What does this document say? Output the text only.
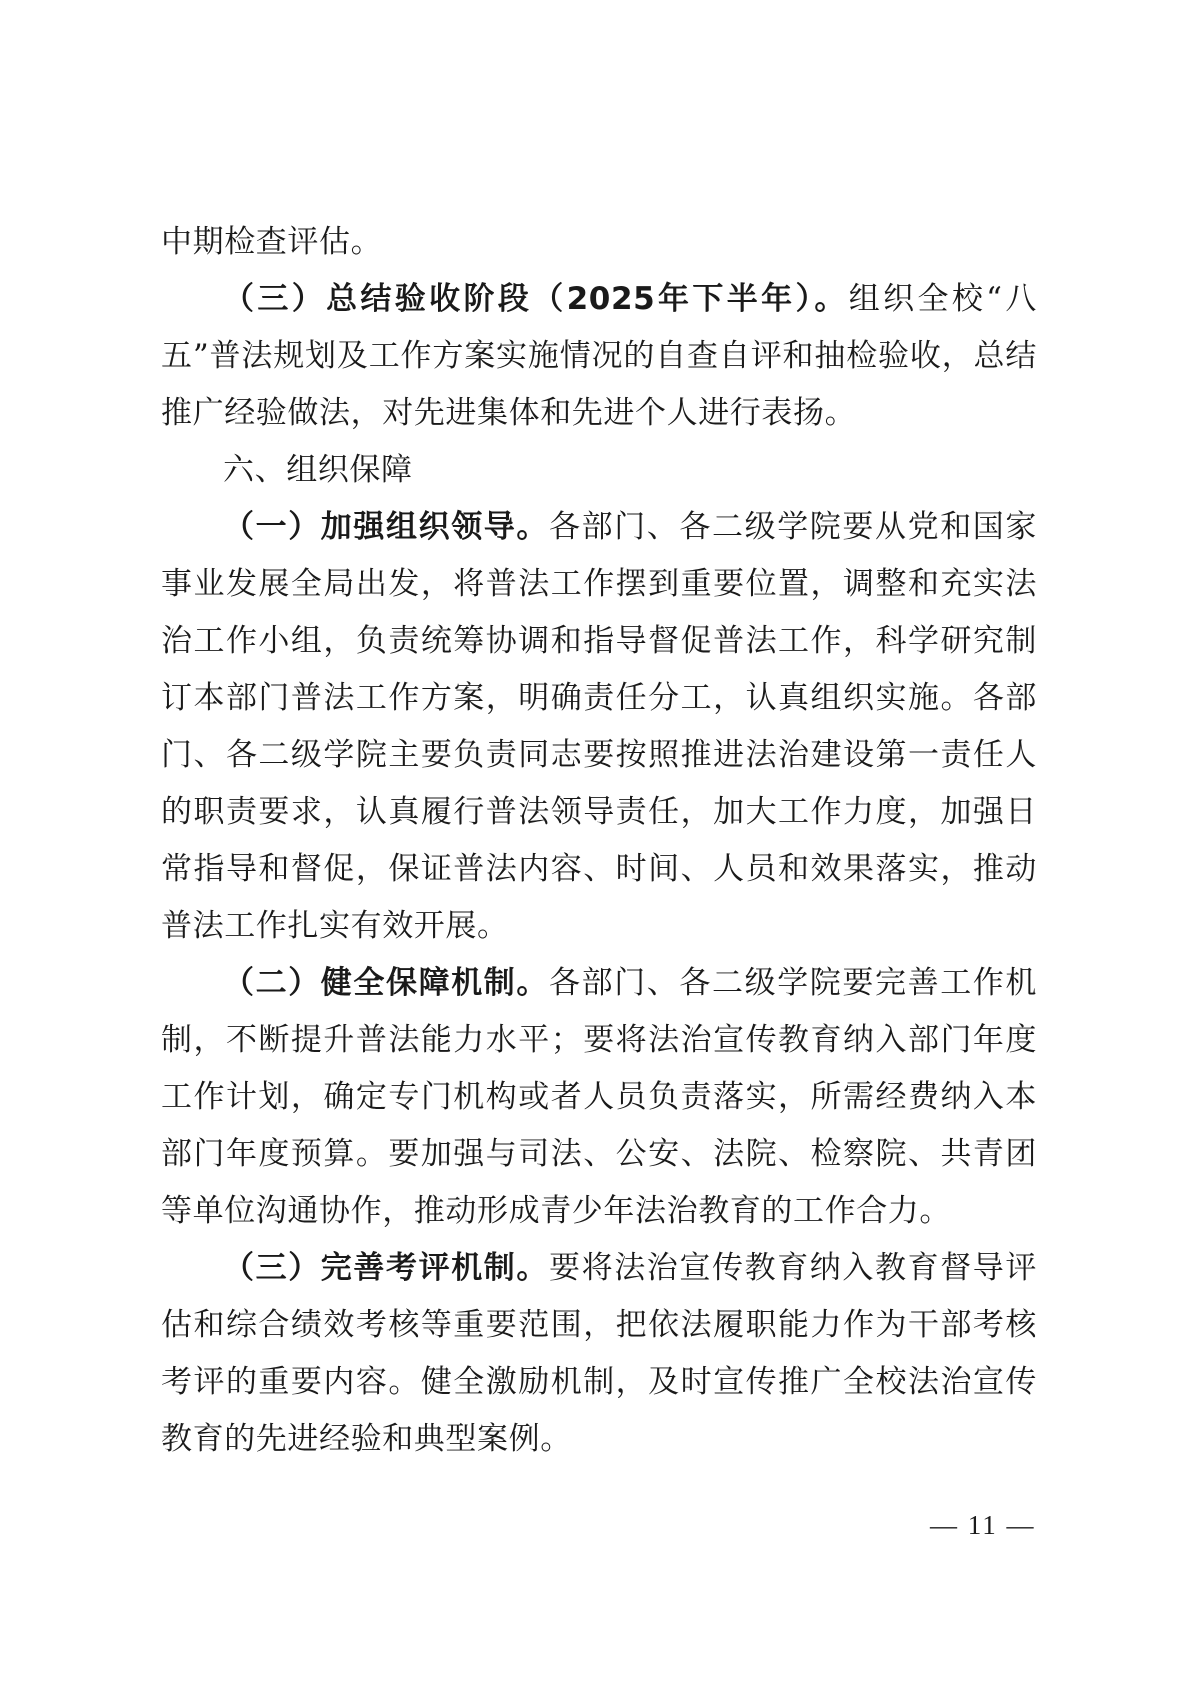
中期检查评估。

（三）总结验收阶段（2025年下半年）。组织全校“八五”普法规划及工作方案实施情况的自查自评和抽检验收，总结推广经验做法，对先进集体和先进个人进行表扬。

六、组织保障

（一）加强组织领导。各部门、各二级学院要从党和国家事业发展全局出发，将普法工作摆到重要位置，调整和充实法治工作小组，负责统筹协调和指导督促普法工作，科学研究制订本部门普法工作方案，明确责任分工，认真组织实施。各部门、各二级学院主要负责同志要按照推进法治建设第一责任人的职责要求，认真履行普法领导责任，加大工作力度，加强日常指导和督促，保证普法内容、时间、人员和效果落实，推动普法工作扎实有效开展。

（二）健全保障机制。各部门、各二级学院要完善工作机制，不断提升普法能力水平；要将法治宣传教育纳入部门年度工作计划，确定专门机构或者人员负责落实，所需经费纳入本部门年度预算。要加强与司法、公安、法院、检察院、共青团等单位沟通协作，推动形成青少年法治教育的工作合力。

（三）完善考评机制。要将法治宣传教育纳入教育督导评估和综合绩效考核等重要范围，把依法履职能力作为干部考核考评的重要内容。健全激励机制，及时宣传推广全校法治宣传教育的先进经验和典型案例。

— 11 —
